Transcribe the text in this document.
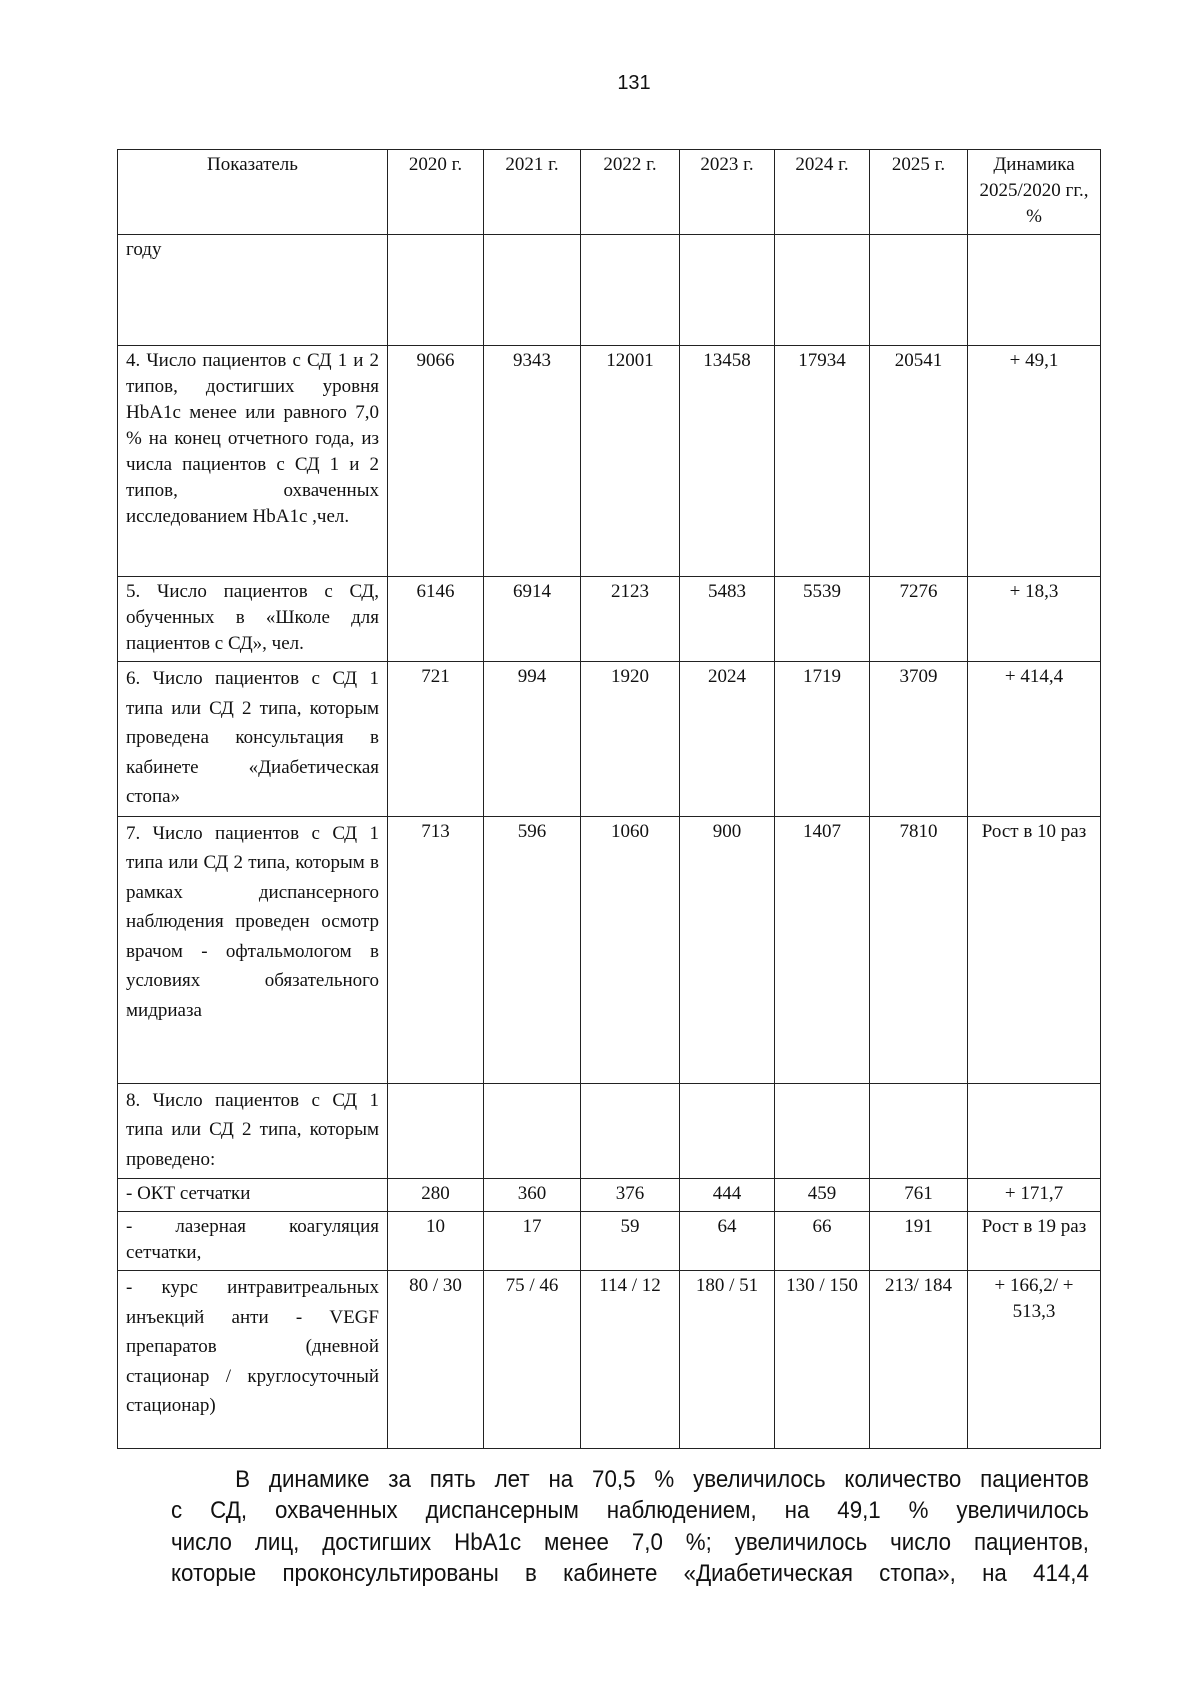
131
Показатель	2020 г.	2021 г.	2022 г.	2023 г.	2024 г.	2025 г.	Динамика 2025/2020 гг., %
году							
4. Число пациентов с СД 1 и 2 типов, достигших уровня HbA1c менее или равного 7,0 % на конец отчетного года, из числа пациентов с СД 1 и 2 типов, охваченных исследованием HbA1c ,чел.	9066	9343	12001	13458	17934	20541	+ 49,1
5. Число пациентов с СД, обученных в «Школе для пациентов с СД», чел.	6146	6914	2123	5483	5539	7276	+ 18,3
6. Число пациентов с СД 1 типа или СД 2 типа, которым проведена консультация в кабинете «Диабетическая стопа»	721	994	1920	2024	1719	3709	+ 414,4
7. Число пациентов с СД 1 типа или СД 2 типа, которым в рамках диспансерного наблюдения проведен осмотр врачом - офтальмологом в условиях обязательного мидриаза	713	596	1060	900	1407	7810	Рост в 10 раз
8. Число пациентов с СД 1 типа или СД 2 типа, которым проведено:							
- ОКТ сетчатки	280	360	376	444	459	761	+ 171,7
- лазерная коагуляция сетчатки,	10	17	59	64	66	191	Рост в 19 раз
- курс интравитреальных инъекций анти - VEGF препаратов (дневной стационар / круглосуточный стационар)	80 / 30	75 / 46	114 / 12	180 / 51	130 / 150	213/ 184	+ 166,2/ + 513,3
В динамике за пять лет на 70,5 % увеличилось количество пациентов
с СД, охваченных диспансерным наблюдением, на 49,1 % увеличилось
число лиц, достигших HbA1c менее 7,0 %; увеличилось число пациентов,
которые проконсультированы в кабинете «Диабетическая стопа», на 414,4
